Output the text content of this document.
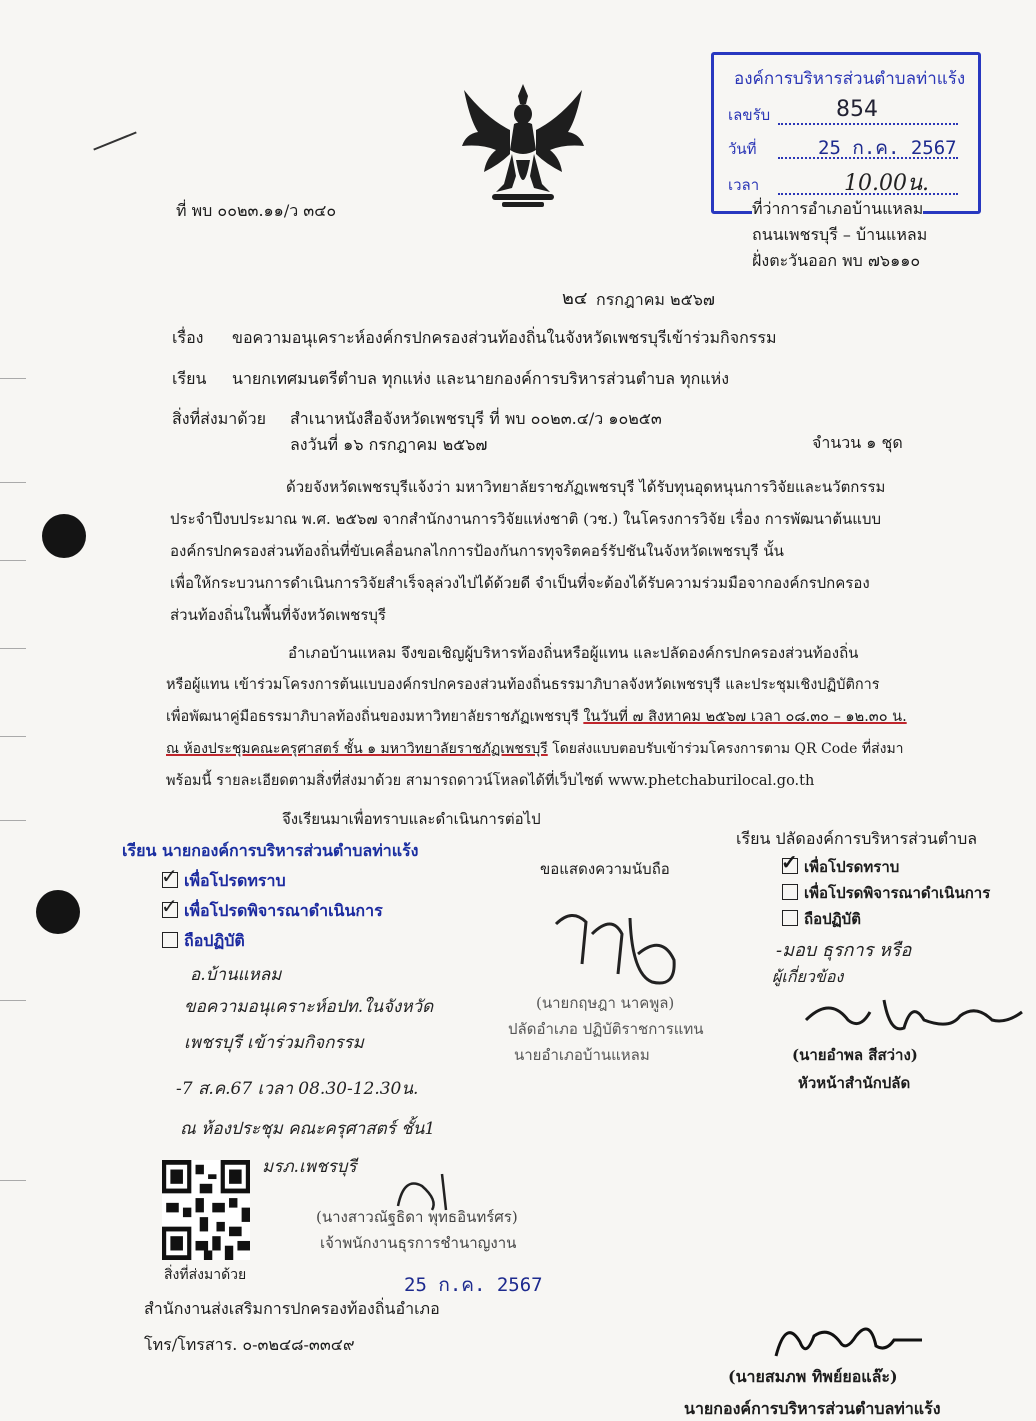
องค์การบริหารส่วนตำบลท่าแร้ง
เลขรับ	854
วันที่	25 ก.ค. 2567
เวลา	10.00น.
ที่ พบ ๐๐๒๓.๑๑/ว ๓๔๐	ที่ว่าการอำเภอบ้านแหลม
ถนนเพชรบุรี – บ้านแหลม
ฝั่งตะวันออก พบ ๗๖๑๑๐
๒๔ กรกฎาคม ๒๕๖๗
เรื่อง ขอความอนุเคราะห์องค์กรปกครองส่วนท้องถิ่นในจังหวัดเพชรบุรีเข้าร่วมกิจกรรม
เรียน นายกเทศมนตรีตำบล ทุกแห่ง และนายกองค์การบริหารส่วนตำบล ทุกแห่ง
สิ่งที่ส่งมาด้วย สำเนาหนังสือจังหวัดเพชรบุรี ที่ พบ ๐๐๒๓.๔/ว ๑๐๒๕๓
ลงวันที่ ๑๖ กรกฎาคม ๒๕๖๗	จำนวน ๑ ชุด
ด้วยจังหวัดเพชรบุรีแจ้งว่า มหาวิทยาลัยราชภัฏเพชรบุรี ได้รับทุนอุดหนุนการวิจัยและนวัตกรรม
ประจำปีงบประมาณ พ.ศ. ๒๕๖๗ จากสำนักงานการวิจัยแห่งชาติ (วช.) ในโครงการวิจัย เรื่อง การพัฒนาต้นแบบ
องค์กรปกครองส่วนท้องถิ่นที่ขับเคลื่อนกลไกการป้องกันการทุจริตคอร์รัปชันในจังหวัดเพชรบุรี นั้น
เพื่อให้กระบวนการดำเนินการวิจัยสำเร็จลุล่วงไปได้ด้วยดี จำเป็นที่จะต้องได้รับความร่วมมือจากองค์กรปกครอง
ส่วนท้องถิ่นในพื้นที่จังหวัดเพชรบุรี
อำเภอบ้านแหลม จึงขอเชิญผู้บริหารท้องถิ่นหรือผู้แทน และปลัดองค์กรปกครองส่วนท้องถิ่น
หรือผู้แทน เข้าร่วมโครงการต้นแบบองค์กรปกครองส่วนท้องถิ่นธรรมาภิบาลจังหวัดเพชรบุรี และประชุมเชิงปฏิบัติการ
เพื่อพัฒนาคู่มือธรรมาภิบาลท้องถิ่นของมหาวิทยาลัยราชภัฏเพชรบุรี ในวันที่ ๗ สิงหาคม ๒๕๖๗ เวลา ๐๘.๓๐ – ๑๒.๓๐ น.
ณ ห้องประชุมคณะครุศาสตร์ ชั้น ๑ มหาวิทยาลัยราชภัฏเพชรบุรี โดยส่งแบบตอบรับเข้าร่วมโครงการตาม QR Code ที่ส่งมา
พร้อมนี้ รายละเอียดตามสิ่งที่ส่งมาด้วย สามารถดาวน์โหลดได้ที่เว็บไซต์ www.phetchaburilocal.go.th
จึงเรียนมาเพื่อทราบและดำเนินการต่อไป
เรียน นายกองค์การบริหารส่วนตำบลท่าแร้ง
✓ เพื่อโปรดทราบ
✓ เพื่อโปรดพิจารณาดำเนินการ
ถือปฏิบัติ
อ.บ้านแหลม
ขอความอนุเคราะห์อปท.ในจังหวัด
เพชรบุรี เข้าร่วมกิจกรรม
-7 ส.ค.67 เวลา 08.30-12.30น.
ณ ห้องประชุม คณะครุศาสตร์ ชั้น1
มรภ.เพชรบุรี
ขอแสดงความนับถือ
(นายกฤษฎา นาคพูล)
ปลัดอำเภอ ปฏิบัติราชการแทน
นายอำเภอบ้านแหลม
เรียน ปลัดองค์การบริหารส่วนตำบล
✓ เพื่อโปรดทราบ
เพื่อโปรดพิจารณาดำเนินการ
ถือปฏิบัติ
-มอบ ธุรการ หรือ
ผู้เกี่ยวข้อง
(นายอำพล สีสว่าง)
หัวหน้าสำนักปลัด
(นางสาวณัฐธิดา พุทธอินทร์ศร)
เจ้าพนักงานธุรการชำนาญงาน
25 ก.ค. 2567
สิ่งที่ส่งมาด้วย
สำนักงานส่งเสริมการปกครองท้องถิ่นอำเภอ
โทร/โทรสาร. ๐-๓๒๔๘-๓๓๔๙
(นายสมภพ ทิพย์ยอแล๊ะ)
นายกองค์การบริหารส่วนตำบลท่าแร้ง
